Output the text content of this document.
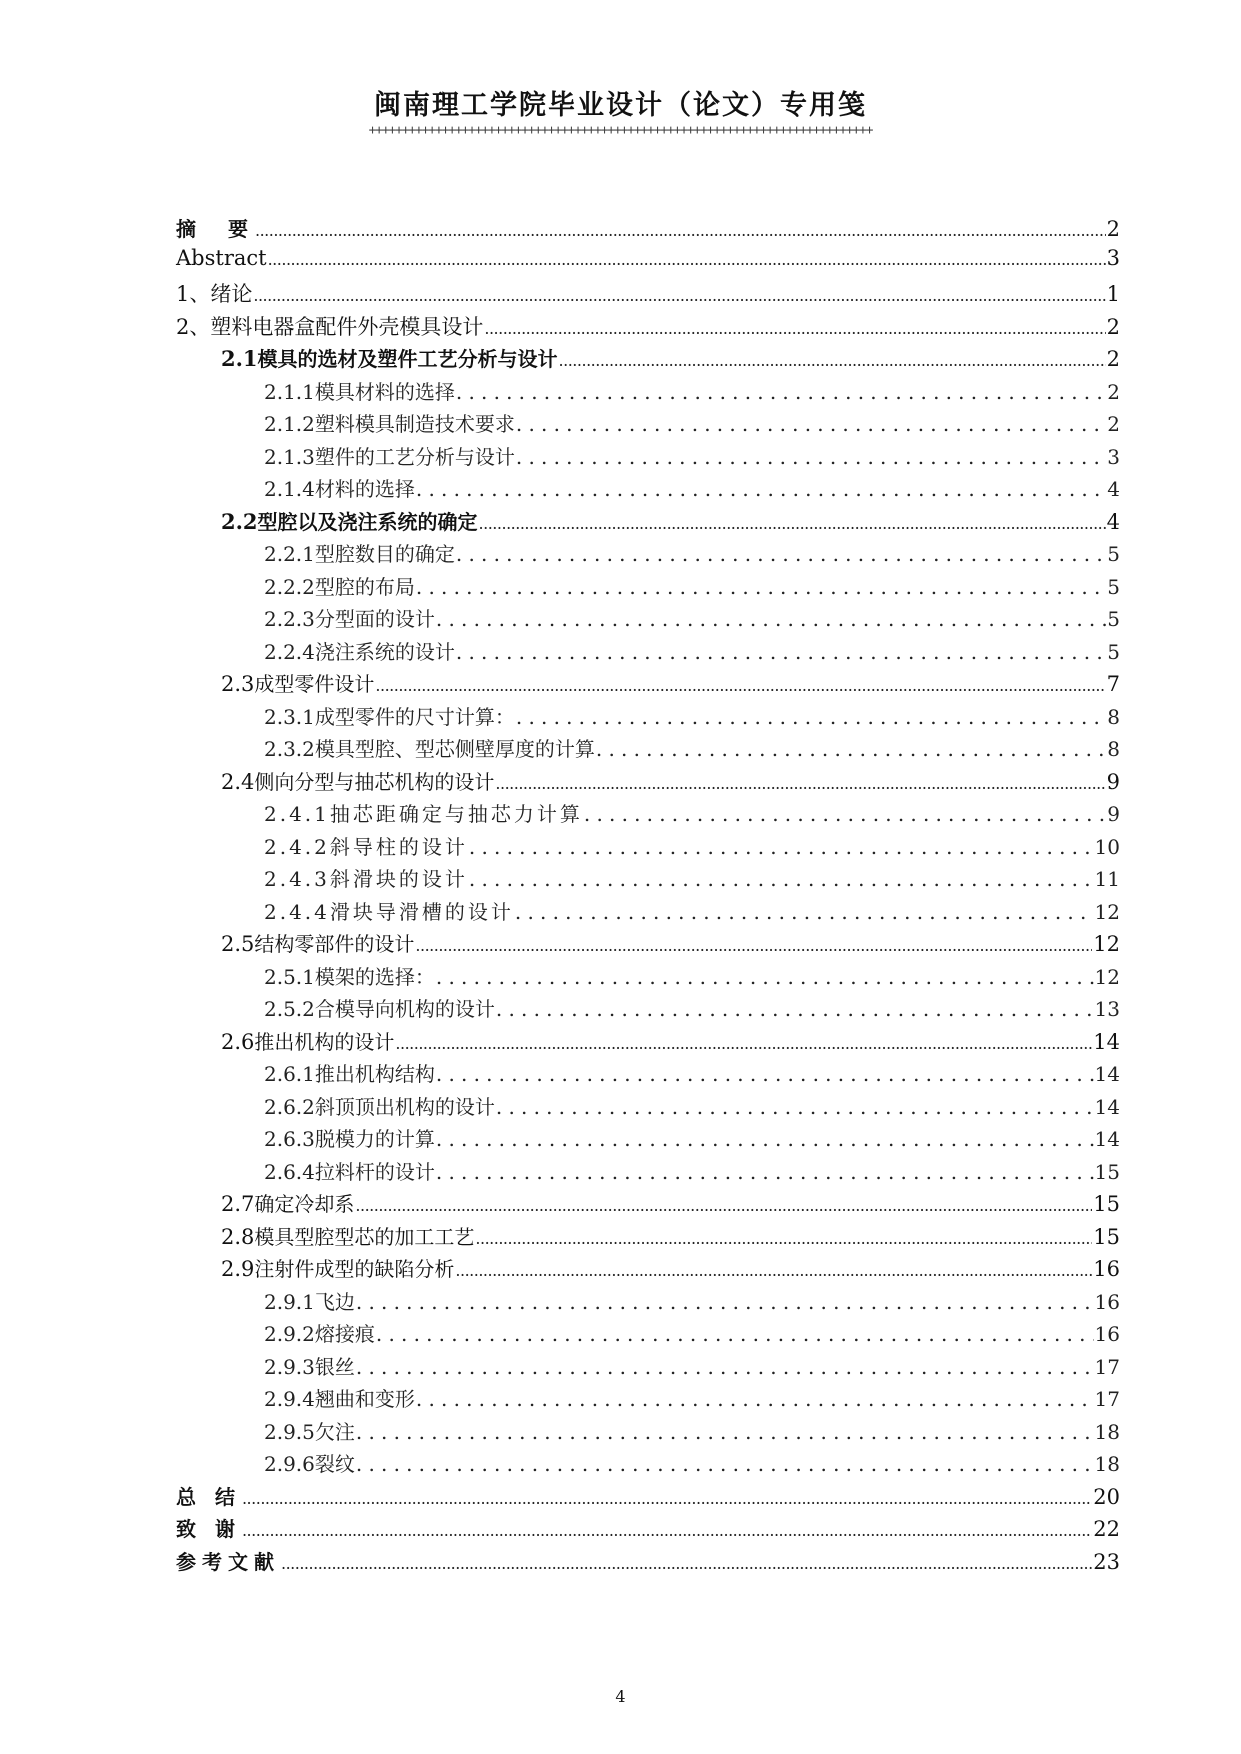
闽南理工学院毕业设计（论文）专用笺
++++++++++++++++++++++++++++++++++++++++++++++++++++++++++++++++++++++++++++
摘　要 .....	2
Abstract .....	3
1、 绪论 .....	1
2、 塑料电器盒配件外壳模具设计 .....	2
2.1 模具的选材及塑件工艺分析与设计 .....	2
2.1.1 模具材料的选择 .....	2
2.1.2 塑料模具制造技术要求 .....	2
2.1.3 塑件的工艺分析与设计 .....	3
2.1.4 材料的选择 .....	4
2.2 型腔以及浇注系统的确定 .....	4
2.2.1 型腔数目的确定 .....	5
2.2.2 型腔的布局 .....	5
2.2.3 分型面的设计 .....	5
2.2.4 浇注系统的设计 .....	5
2.3 成型零件设计 .....	7
2.3.1 成型零件的尺寸计算： .....	8
2.3.2 模具型腔、型芯侧壁厚度的计算 .....	8
2.4 侧向分型与抽芯机构的设计 .....	9
2.4.1 抽芯距确定与抽芯力计算 .....	9
2.4.2 斜导柱的设计 .....	10
2.4.3 斜滑块的设计 .....	11
2.4.4 滑块导滑槽的设计 .....	12
2.5 结构零部件的设计 .....	12
2.5.1 模架的选择： .....	12
2.5.2 合模导向机构的设计 .....	13
2.6 推出机构的设计 .....	14
2.6.1 推出机构结构 .....	14
2.6.2 斜顶顶出机构的设计 .....	14
2.6.3 脱模力的计算 .....	14
2.6.4 拉料杆的设计 .....	15
2.7 确定冷却系 .....	15
2.8 模具型腔型芯的加工工艺 .....	15
2.9 注射件成型的缺陷分析 .....	16
2.9.1 飞边 .....	16
2.9.2 熔接痕 .....	16
2.9.3 银丝 .....	17
2.9.4 翘曲和变形 .....	17
2.9.5 欠注 .....	18
2.9.6 裂纹 .....	18
总 结 .....	20
致 谢 .....	22
参考文献 .....	23
4
